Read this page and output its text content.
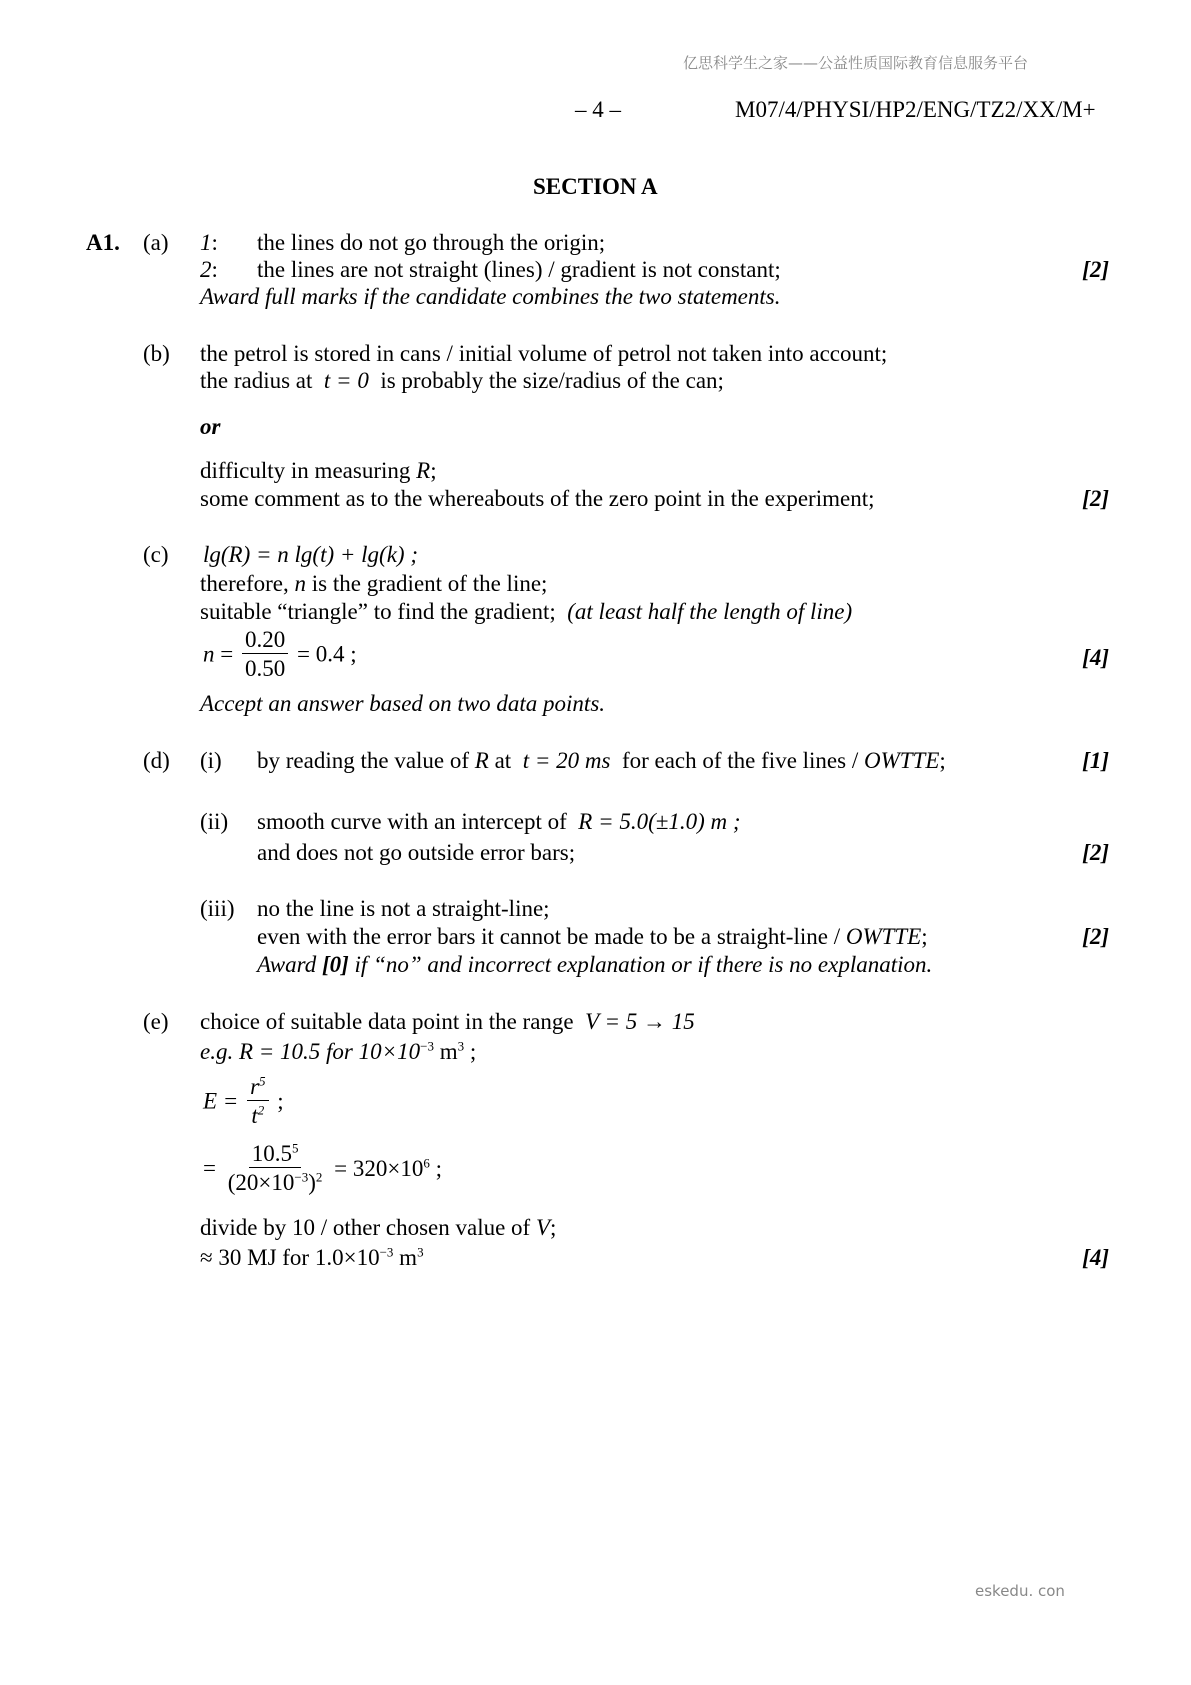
亿思科学生之家——公益性质国际教育信息服务平台
– 4 –	M07/4/PHYSI/HP2/ENG/TZ2/XX/M+
SECTION A
A1. (a) 1: the lines do not go through the origin;
2: the lines are not straight (lines) / gradient is not constant;	[2]
Award full marks if the candidate combines the two statements.
(b) the petrol is stored in cans / initial volume of petrol not taken into account;
the radius at t = 0 is probably the size/radius of the can;
or
difficulty in measuring R;
some comment as to the whereabouts of the zero point in the experiment;	[2]
(c) lg(R) = n lg(t) + lg(k) ;
therefore, n is the gradient of the line;
suitable “triangle” to find the gradient; (at least half the length of line)
$n = \frac{0.20}{0.50} = 0.4$ ;	[4]
Accept an answer based on two data points.
(d) (i) by reading the value of R at t = 20 ms for each of the five lines / OWTTE;	[1]
(ii) smooth curve with an intercept of R = 5.0(±1.0) m ;
and does not go outside error bars;	[2]
(iii) no the line is not a straight-line;
even with the error bars it cannot be made to be a straight-line / OWTTE;	[2]
Award [0] if “no” and incorrect explanation or if there is no explanation.
(e) choice of suitable data point in the range V = 5 → 15
e.g. R = 10.5 for $10\times 10^{-3}$ $m^3$ ;
$E = \frac{r^5}{t^2}$ ;
= $\frac{10.5^5}{(20\times 10^{-3})^2} = 320\times 10^6$ ;
divide by 10 / other chosen value of V;
≈ 30 MJ for $1.0\times 10^{-3}$ $m^3$	[4]
eskedu. con
